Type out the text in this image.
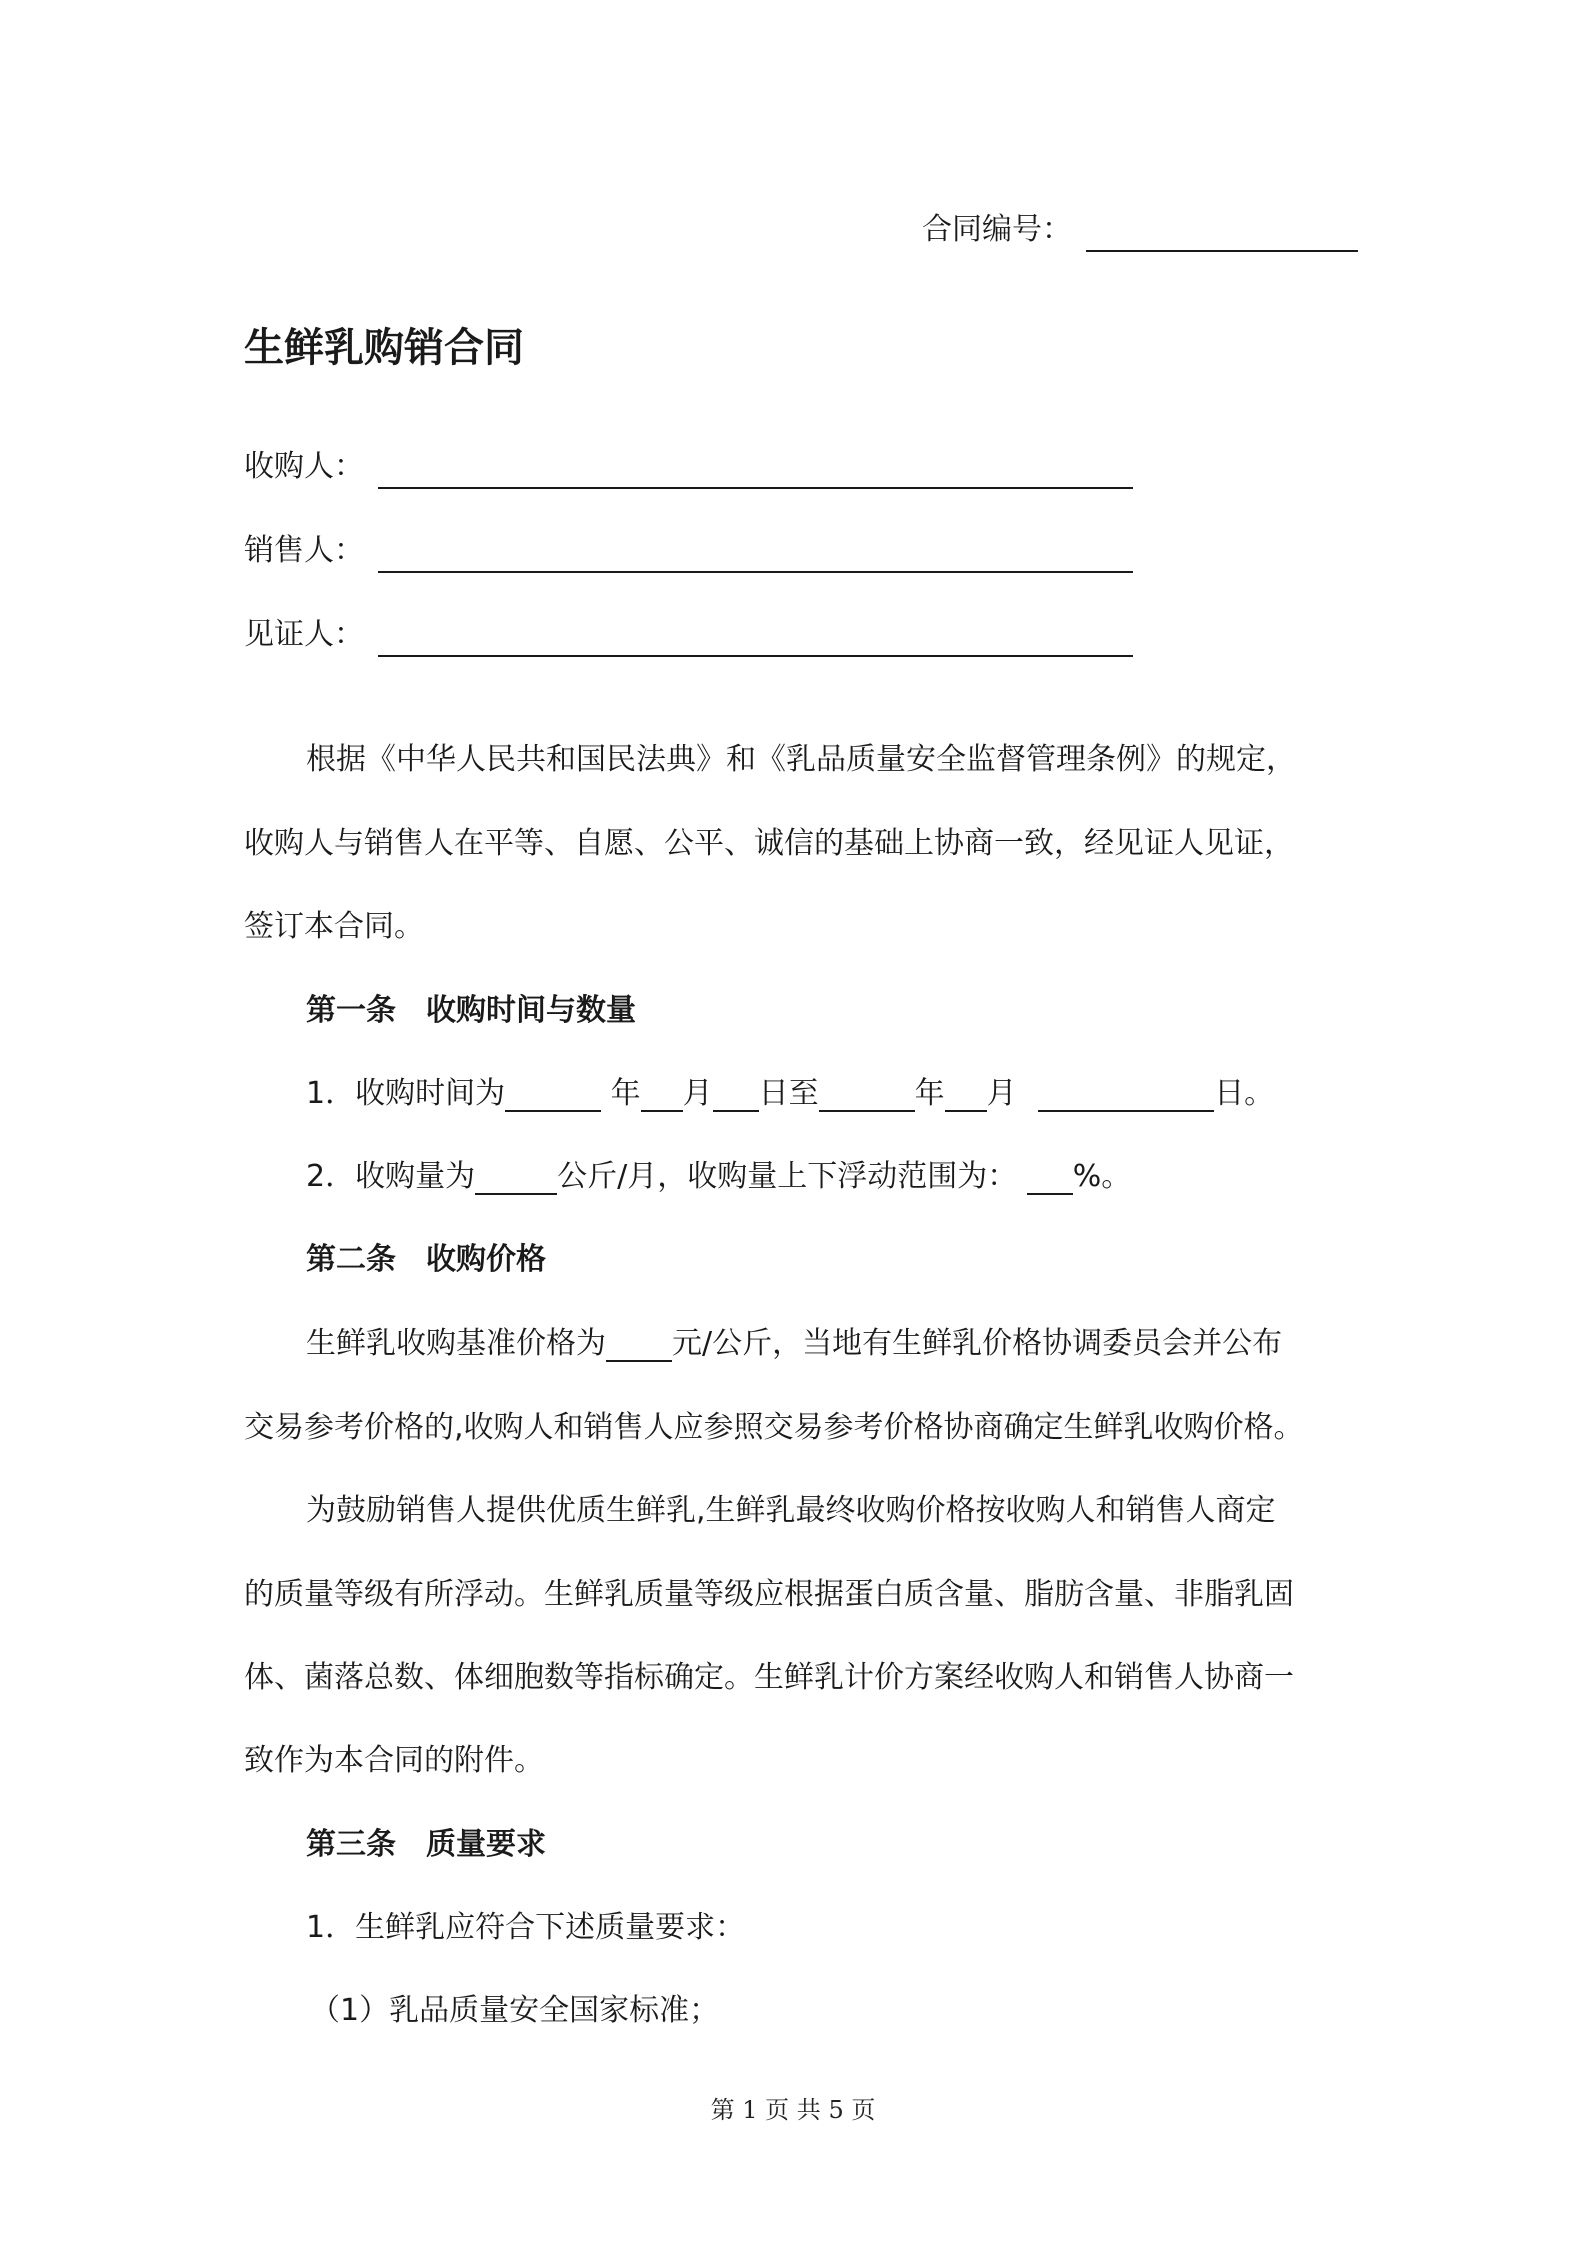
合同编号：
生鲜乳购销合同
收购人：
销售人：
见证人：
根据《中华人民共和国民法典》和《乳品质量安全监督管理条例》的规定，
收购人与销售人在平等、自愿、公平、诚信的基础上协商一致，经见证人见证，
签订本合同。
第一条　收购时间与数量
1．收购时间为	年 月 日至	年 月	日。
2．收购量为	公斤/月，收购量上下浮动范围为： %。
第二条　收购价格
生鲜乳收购基准价格为 元/公斤，当地有生鲜乳价格协调委员会并公布
交易参考价格的,收购人和销售人应参照交易参考价格协商确定生鲜乳收购价格。
为鼓励销售人提供优质生鲜乳,生鲜乳最终收购价格按收购人和销售人商定
的质量等级有所浮动。生鲜乳质量等级应根据蛋白质含量、脂肪含量、非脂乳固
体、菌落总数、体细胞数等指标确定。生鲜乳计价方案经收购人和销售人协商一
致作为本合同的附件。
第三条　质量要求
1．生鲜乳应符合下述质量要求：
（1）乳品质量安全国家标准；
第 1 页 共 5 页
